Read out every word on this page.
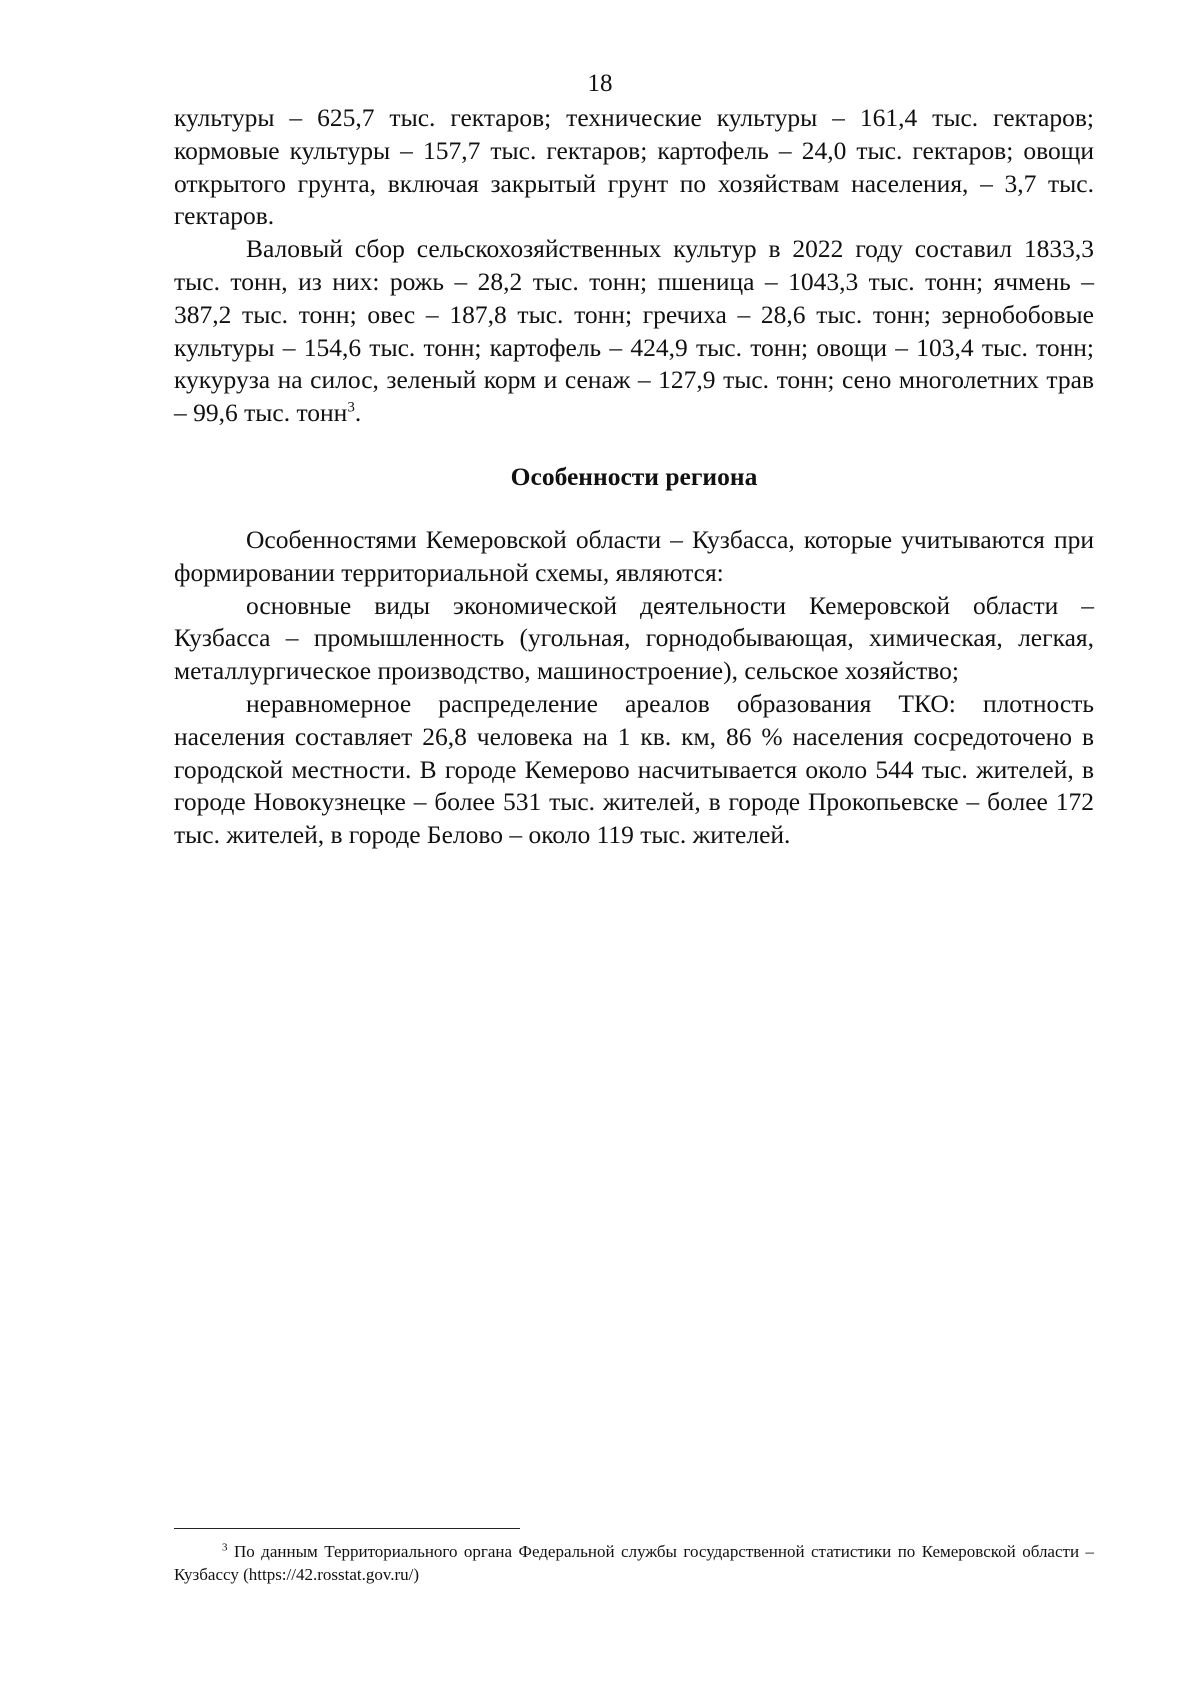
18

культуры – 625,7 тыс. гектаров; технические культуры – 161,4 тыс. гектаров; кормовые культуры – 157,7 тыс. гектаров; картофель – 24,0 тыс. гектаров; овощи открытого грунта, включая закрытый грунт по хозяйствам населения, – 3,7 тыс. гектаров.

Валовый сбор сельскохозяйственных культур в 2022 году составил 1833,3 тыс. тонн, из них: рожь – 28,2 тыс. тонн; пшеница – 1043,3 тыс. тонн; ячмень – 387,2 тыс. тонн; овес – 187,8 тыс. тонн; гречиха – 28,6 тыс. тонн; зернобобовые культуры – 154,6 тыс. тонн; картофель – 424,9 тыс. тонн; овощи – 103,4 тыс. тонн; кукуруза на силос, зеленый корм и сенаж – 127,9 тыс. тонн; сено многолетних трав – 99,6 тыс. тонн$^3$.

Особенности региона

Особенностями Кемеровской области – Кузбасса, которые учитываются при формировании территориальной схемы, являются:

основные виды экономической деятельности Кемеровской области – Кузбасса – промышленность (угольная, горнодобывающая, химическая, легкая, металлургическое производство, машиностроение), сельское хозяйство;

неравномерное распределение ареалов образования ТКО: плотность населения составляет 26,8 человека на 1 кв. км, 86 % населения сосредоточено в городской местности. В городе Кемерово насчитывается около 544 тыс. жителей, в городе Новокузнецке – более 531 тыс. жителей, в городе Прокопьевске – более 172 тыс. жителей, в городе Белово – около 119 тыс. жителей.

$^3$ По данным Территориального органа Федеральной службы государственной статистики по Кемеровской области – Кузбассу (https://42.rosstat.gov.ru/)
